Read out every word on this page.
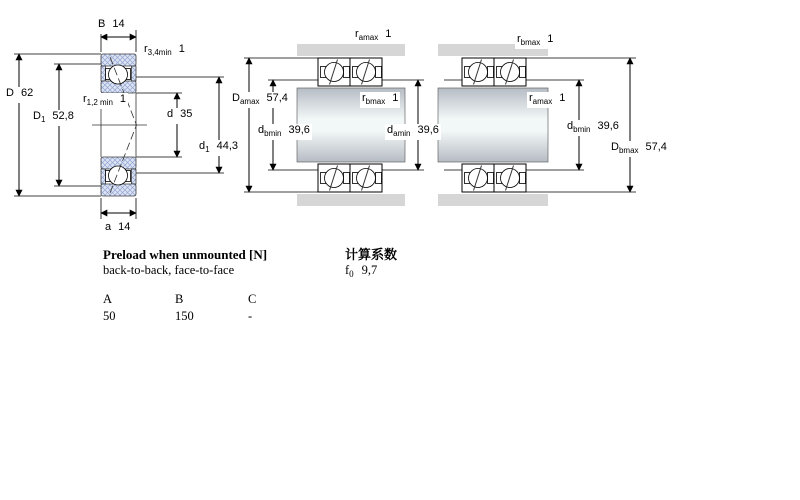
B 14
$r_{3,4min}$ 1
D 62
$D_1$ 52,8
$r_{1,2 min}$ 1
d 35
$d_1$ 44,3
a 14
$r_{amax}$ 1
$D_{amax}$ 57,4	$r_{bmax}$ 1
$d_{bmin}$ 39,6	$d_{amin}$ 39,6
$r_{bmax}$ 1
$r_{amax}$ 1
$d_{bmin}$ 39,6
$D_{bmax}$ 57,4
Preload when unmounted [N]
back-to-back, face-to-face
A	B	C
50	150	-
计算系数
$f_0$ 9,7
